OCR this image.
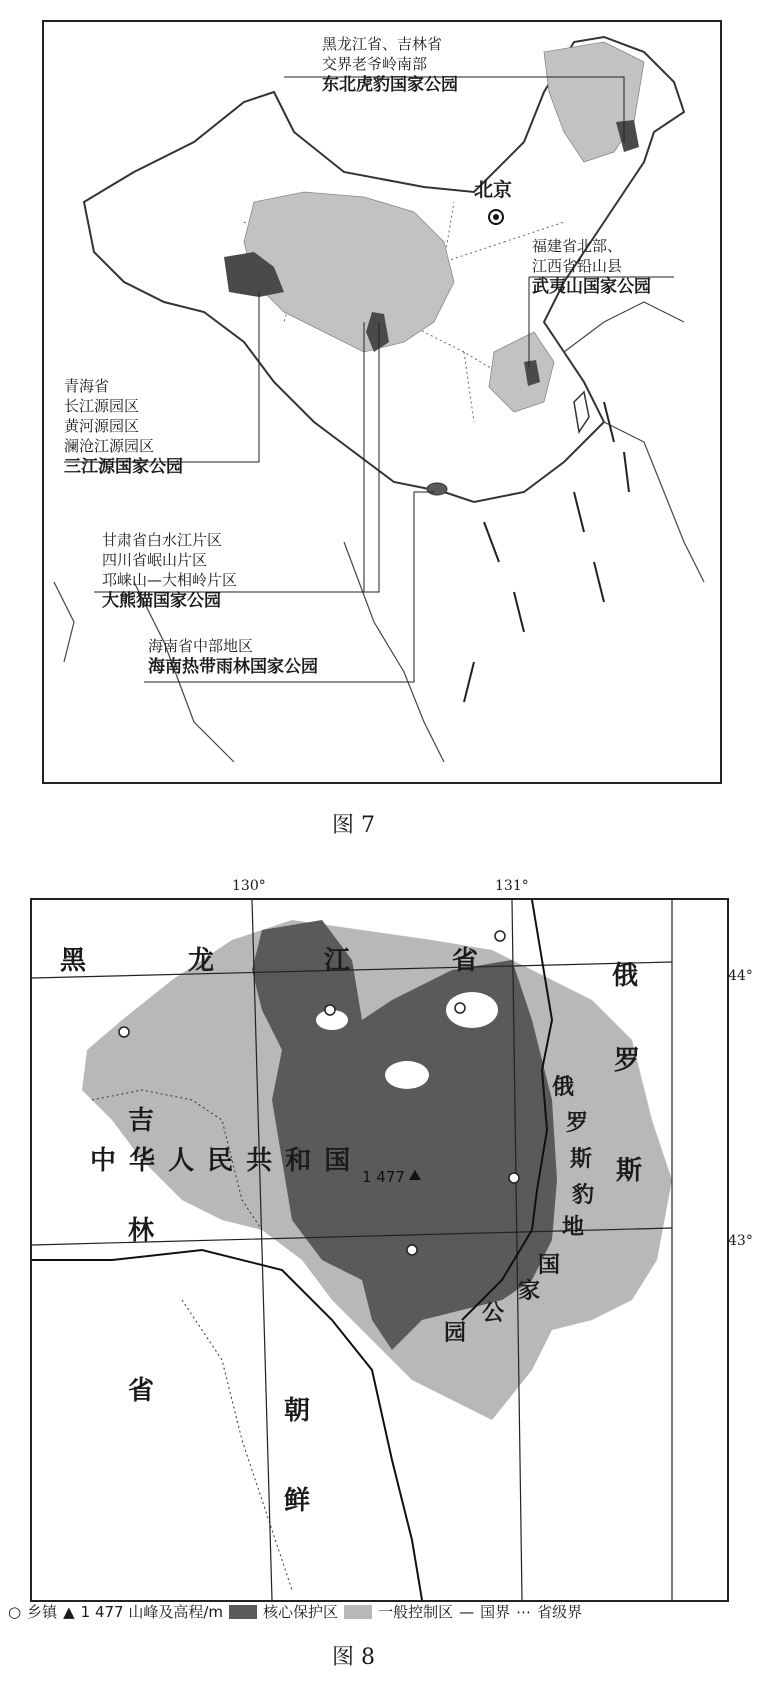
北京
黑龙江省、吉林省
交界老爷岭南部
东北虎豹国家公园
福建省北部、
江西省铅山县
武夷山国家公园
青海省
长江源园区
黄河源园区
澜沧江源园区
三江源国家公园
甘肃省白水江片区
四川省岷山片区
邛崃山—大相岭片区
大熊猫国家公园
海南省中部地区
海南热带雨林国家公园
图 7
黑	龙	江	省
吉
林
省
中 华 人 民 共 和 国
俄
罗
斯
朝
鲜
俄
罗
斯
豹
地
国
家
公
园
1 477
130°	131°
44°
43°
○ 乡镇 ▲ 1 477 山峰及高程/m	核心保护区	一般控制区 — 国界 ⋯ 省级界
图 8
